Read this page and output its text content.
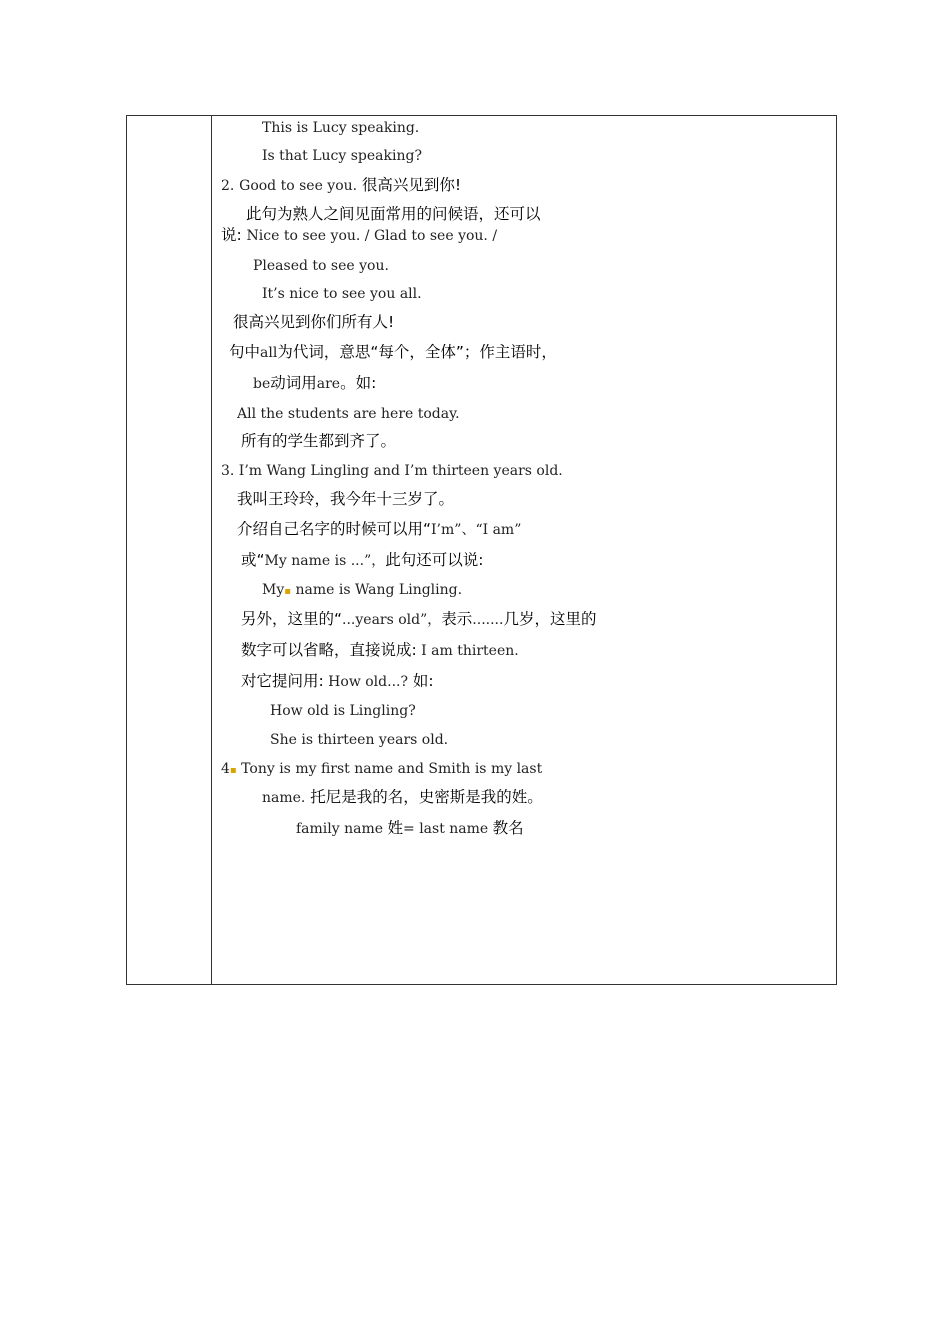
This is Lucy speaking.
Is that Lucy speaking?
2. Good to see you. 很高兴见到你!
此句为熟人之间见面常用的问候语，还可以
说: Nice to see you. / Glad to see you. /
Pleased to see you.
It’s nice to see you all.
很高兴见到你们所有人!
句中all为代词，意思“每个，全体”；作主语时，
be动词用are。如:
All the students are here today.
所有的学生都到齐了。
3. I’m Wang Lingling and I’m thirteen years old.
我叫王玲玲，我今年十三岁了。
介绍自己名字的时候可以用“I’m”、“I am”
或“My name is ...”，此句还可以说:
My▪ name is Wang Lingling.
另外，这里的“...years old”，表示.......几岁，这里的
数字可以省略，直接说成: I am thirteen.
对它提问用: How old...? 如:
How old is Lingling?
She is thirteen years old.
4▪ Tony is my first name and Smith is my last
name. 托尼是我的名，史密斯是我的姓。
family name 姓= last name 教名
